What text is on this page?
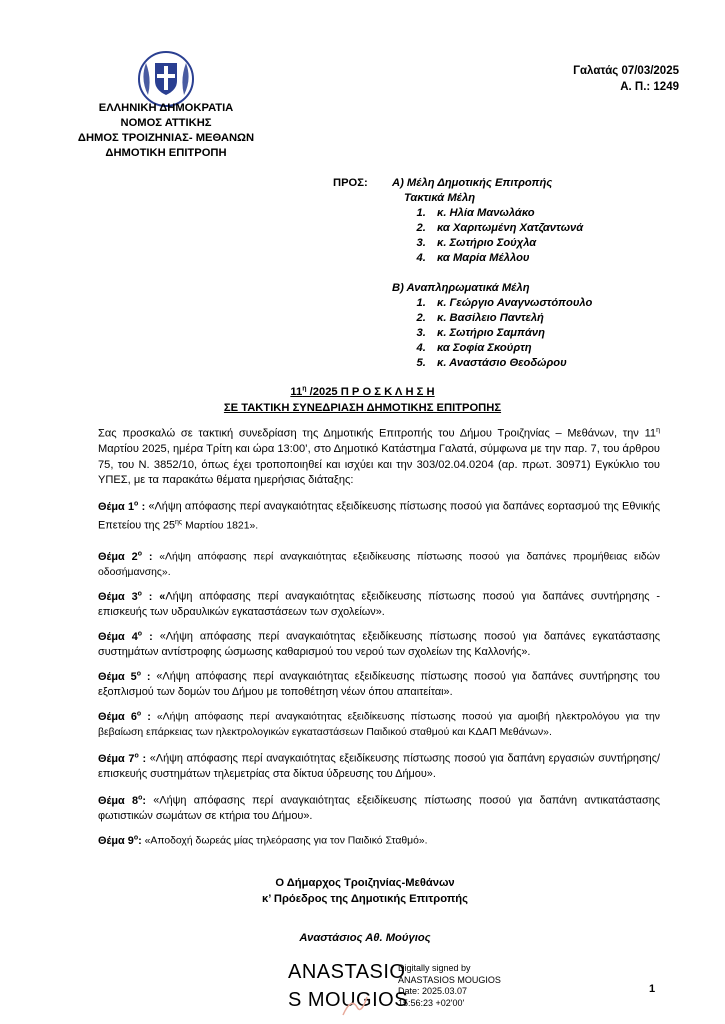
ΕΛΛΗΝΙΚΗ ΔΗΜΟΚΡΑΤΙΑ
ΝΟΜΟΣ ΑΤΤΙΚΗΣ
ΔΗΜΟΣ ΤΡΟΙΖΗΝΙΑΣ- ΜΕΘΑΝΩΝ
ΔΗΜΟΤΙΚΗ ΕΠΙΤΡΟΠΗ
Γαλατάς 07/03/2025
Α. Π.: 1249
ΠΡΟΣ: Α) Μέλη Δημοτικής Επιτροπής
Τακτικά Μέλη
1. κ. Ηλία Μανωλάκο
2. κα Χαριτωμένη Χατζαντωνά
3. κ. Σωτήριο Σούχλα
4. κα Μαρία Μέλλου
Β) Αναπληρωματικά Μέλη
1. κ. Γεώργιο Αναγνωστόπουλο
2. κ. Βασίλειο Παντελή
3. κ. Σωτήριο Σαμπάνη
4. κα Σοφία Σκούρτη
5. κ. Αναστάσιο Θεοδώρου
$11^\eta$ /2025 Π Ρ Ο Σ Κ Λ Η Σ Η
ΣΕ ΤΑΚΤΙΚΗ ΣΥΝΕΔΡΙΑΣΗ ΔΗΜΟΤΙΚΗΣ ΕΠΙΤΡΟΠΗΣ
Σας προσκαλώ σε τακτική συνεδρίαση της Δημοτικής Επιτροπής του Δήμου Τροιζηνίας – Μεθάνων, την $11^\eta$ Μαρτίου 2025, ημέρα Τρίτη και ώρα 13:00’, στο Δημοτικό Κατάστημα Γαλατά, σύμφωνα με την παρ. 7, του άρθρου 75, του Ν. 3852/10, όπως έχει τροποποιηθεί και ισχύει και την 303/02.04.0204 (αρ. πρωτ. 30971) Εγκύκλιο του ΥΠΕΣ, με τα παρακάτω θέματα ημερήσιας διάταξης:
Θέμα $1^o$ : «Λήψη απόφασης περί αναγκαιότητας εξειδίκευσης πίστωσης ποσού για δαπάνες εορτασμού της Εθνικής Επετείου της $25^{\eta\varsigma}$ Μαρτίου 1821».
Θέμα $2^o$ : «Λήψη απόφασης περί αναγκαιότητας εξειδίκευσης πίστωσης ποσού για δαπάνες προμήθειας ειδών οδοσήμανσης».
Θέμα $3^o$ : «Λήψη απόφασης περί αναγκαιότητας εξειδίκευσης πίστωσης ποσού για δαπάνες συντήρησης - επισκευής των υδραυλικών εγκαταστάσεων των σχολείων».
Θέμα $4^o$ : «Λήψη απόφασης περί αναγκαιότητας εξειδίκευσης πίστωσης ποσού για δαπάνες εγκατάστασης συστημάτων αντίστροφης ώσμωσης καθαρισμού του νερού των σχολείων της Καλλονής».
Θέμα $5^o$ : «Λήψη απόφασης περί αναγκαιότητας εξειδίκευσης πίστωσης ποσού για δαπάνες συντήρησης του εξοπλισμού των δομών του Δήμου με τοποθέτηση νέων όπου απαιτείται».
Θέμα $6^o$ : «Λήψη απόφασης περί αναγκαιότητας εξειδίκευσης πίστωσης ποσού για αμοιβή ηλεκτρολόγου για την βεβαίωση επάρκειας των ηλεκτρολογικών εγκαταστάσεων Παιδικού σταθμού και ΚΔΑΠ Μεθάνων».
Θέμα $7^o$ : «Λήψη απόφασης περί αναγκαιότητας εξειδίκευσης πίστωσης ποσού για δαπάνη εργασιών συντήρησης/επισκευής συστημάτων τηλεμετρίας στα δίκτυα ύδρευσης του Δήμου».
Θέμα $8^o$: «Λήψη απόφασης περί αναγκαιότητας εξειδίκευσης πίστωσης ποσού για δαπάνη αντικατάστασης φωτιστικών σωμάτων σε κτήρια του Δήμου».
Θέμα $9^o$: «Αποδοχή δωρεάς μίας τηλεόρασης για τον Παιδικό Σταθμό».
Ο Δήμαρχος Τροιζηνίας-Μεθάνων
κ’ Πρόεδρος της Δημοτικής Επιτροπής
Αναστάσιος Αθ. Μούγιος
ANASTASIO
S MOUGIOS
Digitally signed by
ANASTASIOS MOUGIOS
Date: 2025.03.07
15:56:23 +02'00'
1
